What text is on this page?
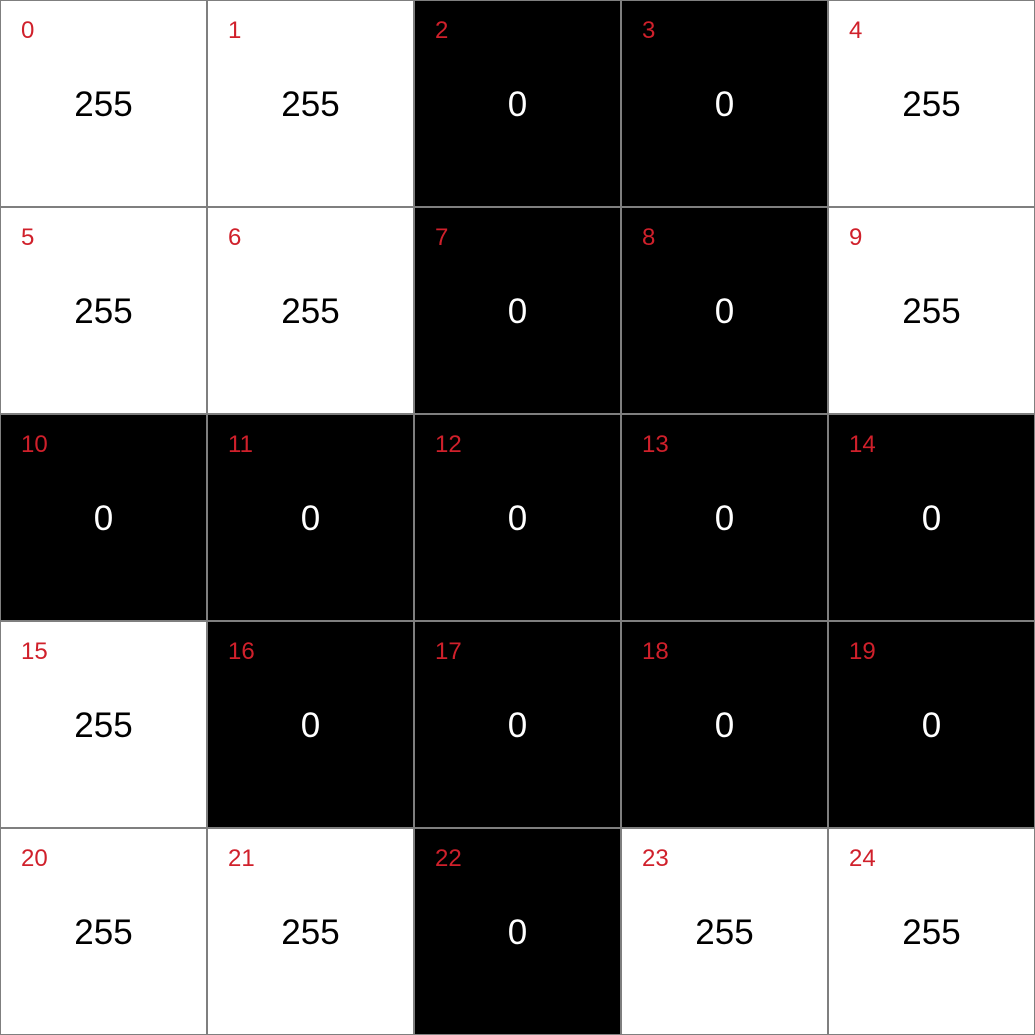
0
255
1
255
2
0
3
0
4
255
5
255
6
255
7
0
8
0
9
255
10
0
11
0
12
0
13
0
14
0
15
255
16
0
17
0
18
0
19
0
20
255
21
255
22
0
23
255
24
255
